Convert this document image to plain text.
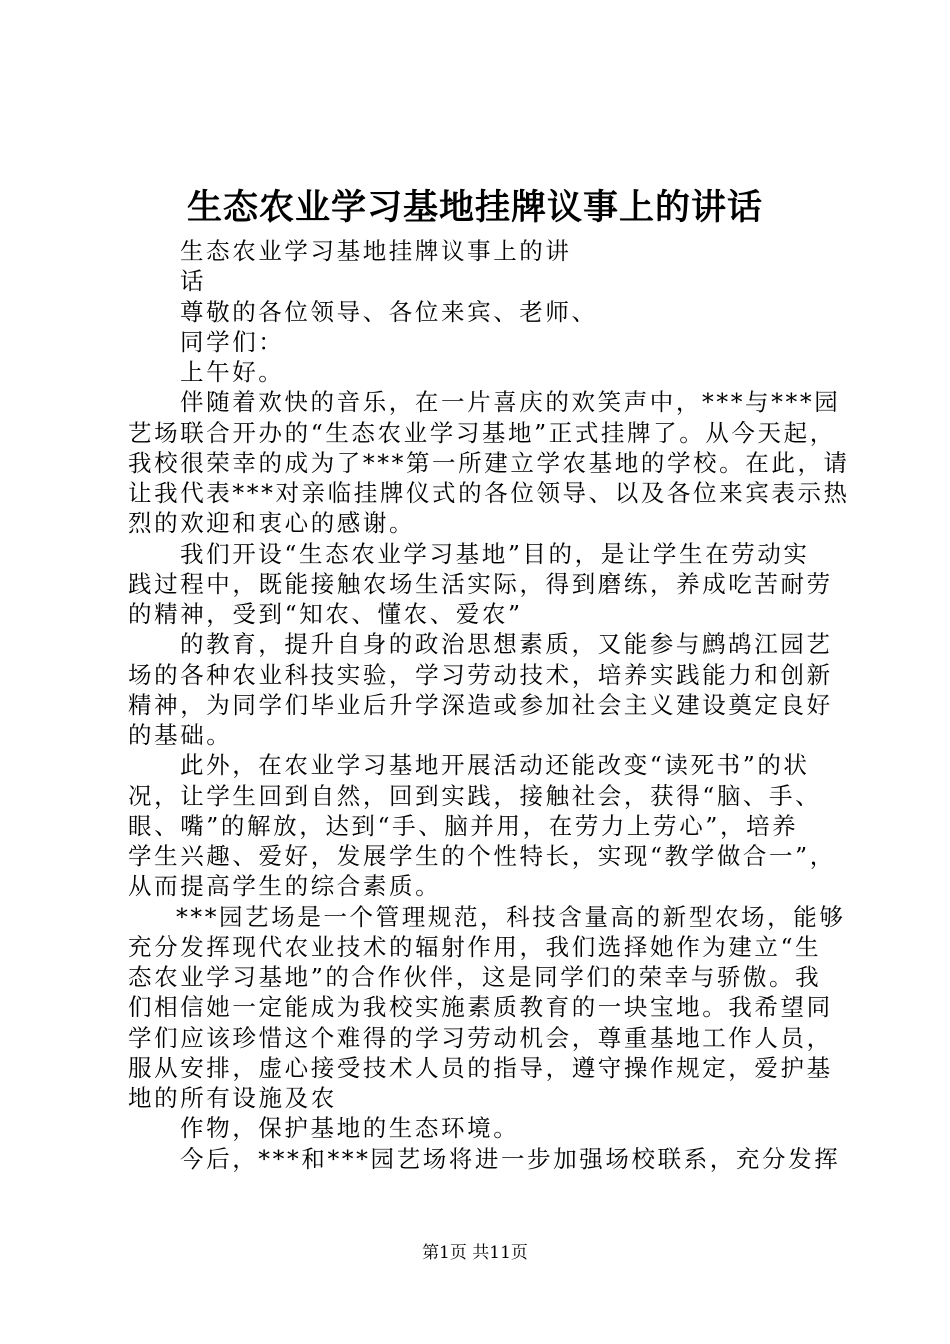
生态农业学习基地挂牌议事上的讲话
生态农业学习基地挂牌议事上的讲
话
尊敬的各位领导、各位来宾、老师、
同学们：
上午好。
伴随着欢快的音乐，在一片喜庆的欢笑声中，***与***园
艺场联合开办的“生态农业学习基地”正式挂牌了。从今天起，
我校很荣幸的成为了***第一所建立学农基地的学校。在此，请
让我代表***对亲临挂牌仪式的各位领导、以及各位来宾表示热
烈的欢迎和衷心的感谢。
我们开设“生态农业学习基地”目的，是让学生在劳动实
践过程中，既能接触农场生活实际，得到磨练，养成吃苦耐劳
的精神，受到“知农、懂农、爱农”
的教育，提升自身的政治思想素质，又能参与鹧鸪江园艺
场的各种农业科技实验，学习劳动技术，培养实践能力和创新
精神，为同学们毕业后升学深造或参加社会主义建设奠定良好
的基础。
此外，在农业学习基地开展活动还能改变“读死书”的状
况，让学生回到自然，回到实践，接触社会，获得“脑、手、
眼、嘴”的解放，达到“手、脑并用，在劳力上劳心”，培养
学生兴趣、爱好，发展学生的个性特长，实现“教学做合一”，
从而提高学生的综合素质。
***园艺场是一个管理规范，科技含量高的新型农场，能够
充分发挥现代农业技术的辐射作用，我们选择她作为建立“生
态农业学习基地”的合作伙伴，这是同学们的荣幸与骄傲。我
们相信她一定能成为我校实施素质教育的一块宝地。我希望同
学们应该珍惜这个难得的学习劳动机会，尊重基地工作人员，
服从安排，虚心接受技术人员的指导，遵守操作规定，爱护基
地的所有设施及农
作物，保护基地的生态环境。
今后，***和***园艺场将进一步加强场校联系，充分发挥
第1页 共11页
